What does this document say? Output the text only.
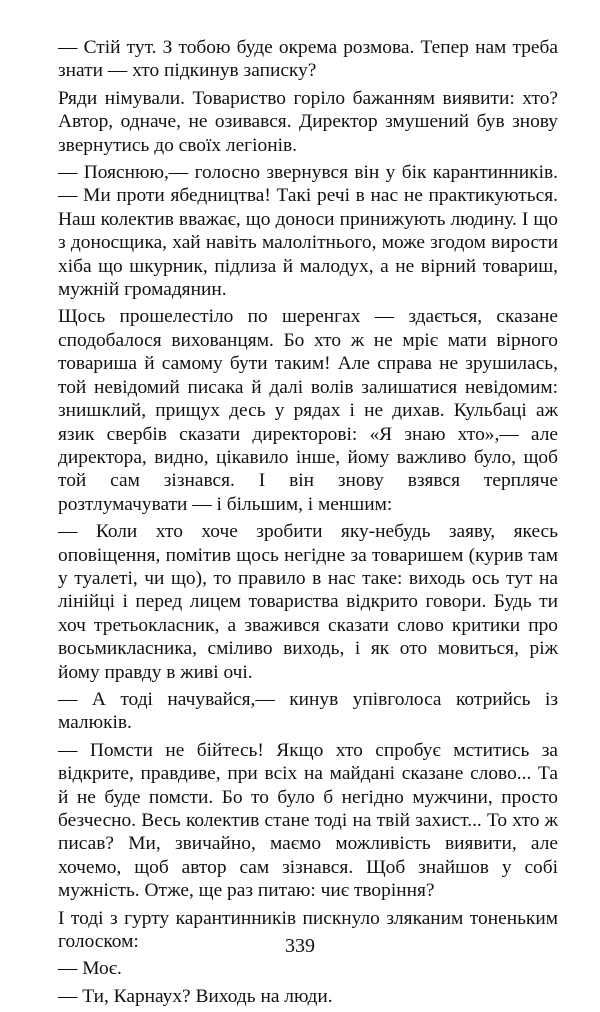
— Стій тут. З тобою буде окрема розмова. Тепер нам треба знати — хто підкинув записку?

Ряди німували. Товариство горіло бажанням виявити: хто? Автор, одначе, не озивався. Директор змушений був знову звернутись до своїх легіонів.

— Пояснюю,— голосно звернувся він у бік карантинників.— Ми проти ябедництва! Такі речі в нас не практикуються. Наш колектив вважає, що доноси принижують людину. І що з доноcщика, хай навіть малолітнього, може згодом вирости хіба що шкурник, підлиза й малодух, а не вірний товариш, мужній громадянин.

Щось прошелестіло по шеренгах — здається, сказане сподобалося вихованцям. Бо хто ж не мріє мати вірного товариша й самому бути таким! Але справа не зрушилась, той невідомий писака й далі волів залишатися невідомим: знишклий, прищух десь у рядах і не дихав. Кульбаці аж язик свербів сказати директорові: «Я знаю хто»,— але директора, видно, цікавило інше, йому важливо було, щоб той сам зізнався. І він знову взявся терпляче розтлумачувати — і більшим, і меншим:

— Коли хто хоче зробити яку-небудь заяву, якесь оповіщення, помітив щось негідне за товаришем (курив там у туалеті, чи що), то правило в нас таке: виходь ось тут на лінійці і перед лицем товариства відкрито говори. Будь ти хоч третьокласник, а зважився сказати слово критики про восьмикласника, сміливо виходь, і як ото мовиться, ріж йому правду в живі очі.

— А тоді начувайся,— кинув упівголоса котрийсь із малюків.

— Помсти не бійтесь! Якщо хто спробує мститись за відкрите, правдиве, при всіх на майдані сказане слово... Та й не буде помсти. Бо то було б негідно мужчини, просто безчесно. Весь колектив стане тоді на твій захист... То хто ж писав? Ми, звичайно, маємо можливість виявити, але хочемо, щоб автор сам зізнався. Щоб знайшов у собі мужність. Отже, ще раз питаю: чиє творіння?

І тоді з гурту карантинників пискнуло зляканим тоненьким голоском:

— Моє.

— Ти, Карнаух? Виходь на люди.

339
